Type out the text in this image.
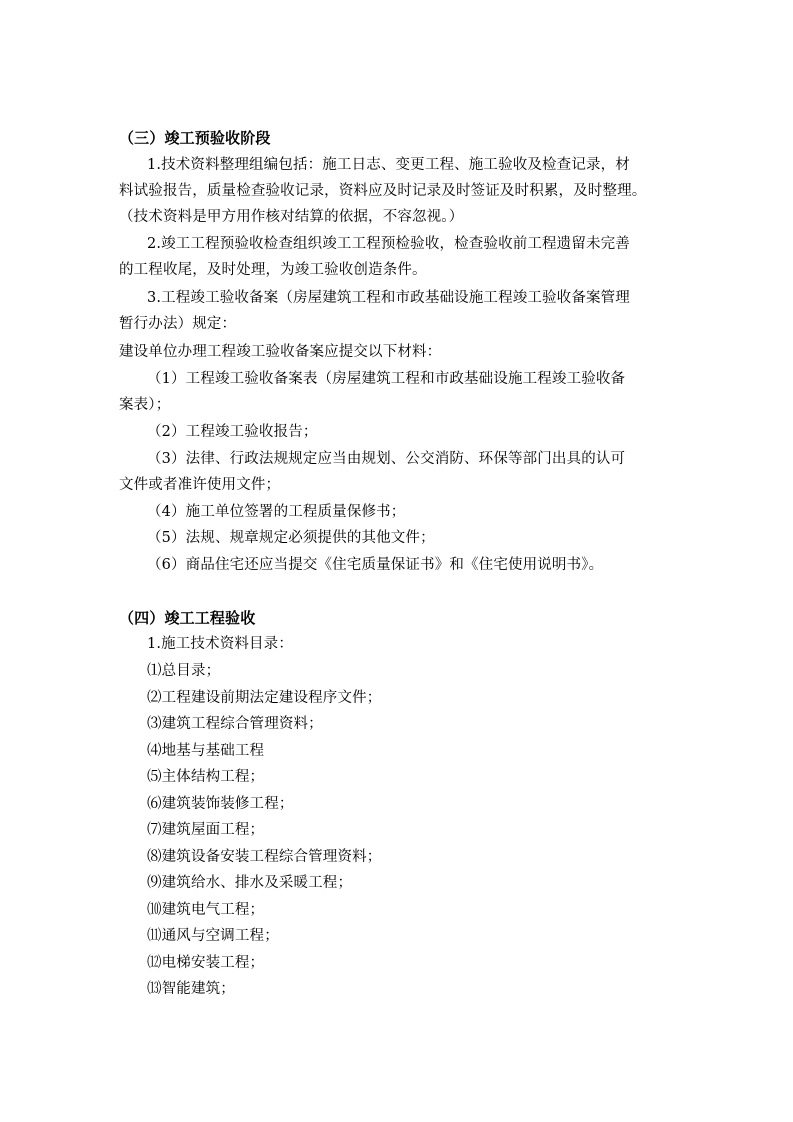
（三）竣工预验收阶段
1.技术资料整理组编包括：施工日志、变更工程、施工验收及检查记录，材
料试验报告，质量检查验收记录，资料应及时记录及时签证及时积累，及时整理。
（技术资料是甲方用作核对结算的依据，不容忽视。）
2.竣工工程预验收检查组织竣工工程预检验收，检查验收前工程遗留未完善
的工程收尾，及时处理，为竣工验收创造条件。
3.工程竣工验收备案（房屋建筑工程和市政基础设施工程竣工验收备案管理
暂行办法）规定：
建设单位办理工程竣工验收备案应提交以下材料：
（1）工程竣工验收备案表（房屋建筑工程和市政基础设施工程竣工验收备
案表）；
（2）工程竣工验收报告；
（3）法律、行政法规规定应当由规划、公交消防、环保等部门出具的认可
文件或者准许使用文件；
（4）施工单位签署的工程质量保修书；
（5）法规、规章规定必须提供的其他文件；
（6）商品住宅还应当提交《住宅质量保证书》和《住宅使用说明书》。
（四）竣工工程验收
1.施工技术资料目录：
⑴总目录；
⑵工程建设前期法定建设程序文件；
⑶建筑工程综合管理资料；
⑷地基与基础工程
⑸主体结构工程；
⑹建筑装饰装修工程；
⑺建筑屋面工程；
⑻建筑设备安装工程综合管理资料；
⑼建筑给水、排水及采暖工程；
⑽建筑电气工程；
⑾通风与空调工程；
⑿电梯安装工程；
⒀智能建筑；
